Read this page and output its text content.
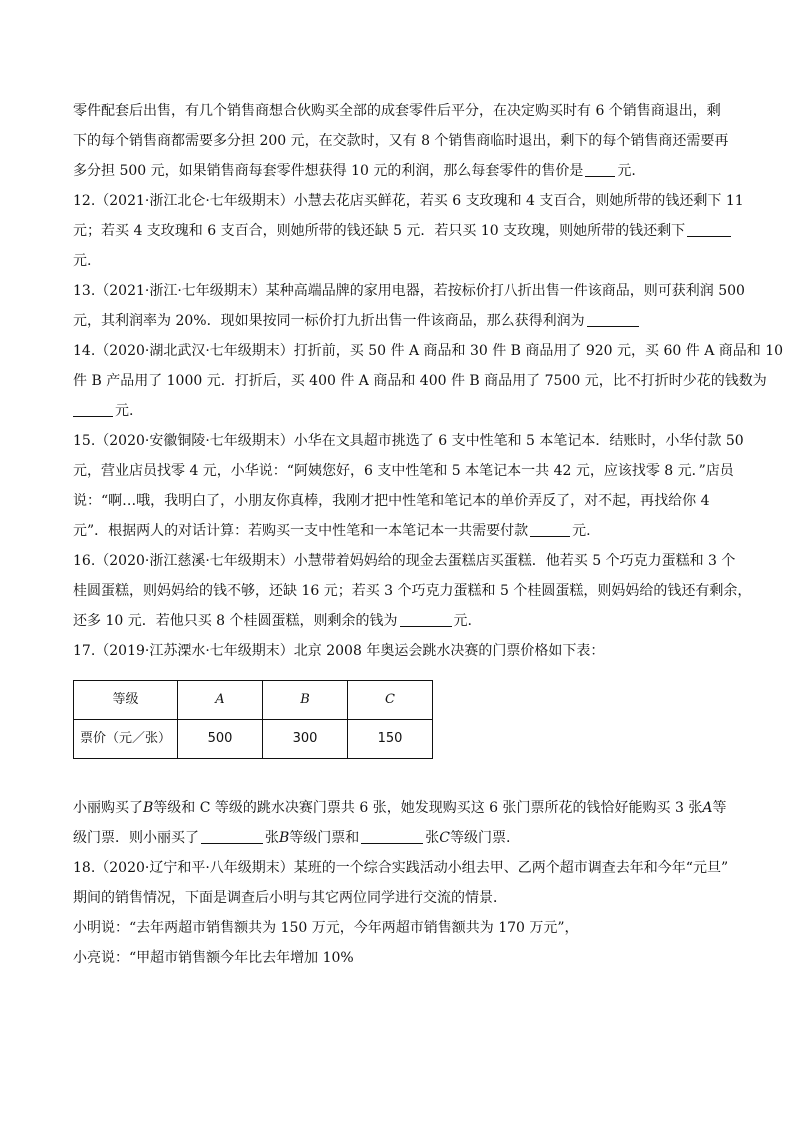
零件配套后出售，有几个销售商想合伙购买全部的成套零件后平分，在决定购买时有 6 个销售商退出，剩
下的每个销售商都需要多分担 200 元，在交款时，又有 8 个销售商临时退出，剩下的每个销售商还需要再
多分担 500 元，如果销售商每套零件想获得 10 元的利润，那么每套零件的售价是 元.
12.（2021·浙江北仑·七年级期末）小慧去花店买鲜花，若买 6 支玫瑰和 4 支百合，则她所带的钱还剩下 11
元；若买 4 支玫瑰和 6 支百合，则她所带的钱还缺 5 元．若只买 10 支玫瑰，则她所带的钱还剩下
元.
13.（2021·浙江·七年级期末）某种高端品牌的家用电器，若按标价打八折出售一件该商品，则可获利润 500
元，其利润率为 20%．现如果按同一标价打九折出售一件该商品，那么获得利润为
14.（2020·湖北武汉·七年级期末）打折前，买 50 件 A 商品和 30 件 B 商品用了 920 元，买 60 件 A 商品和 10
件 B 产品用了 1000 元．打折后，买 400 件 A 商品和 400 件 B 商品用了 7500 元，比不打折时少花的钱数为
元.
15.（2020·安徽铜陵·七年级期末）小华在文具超市挑选了 6 支中性笔和 5 本笔记本．结账时，小华付款 50
元，营业店员找零 4 元，小华说：“阿姨您好，6 支中性笔和 5 本笔记本一共 42 元，应该找零 8 元．”店员
说：“啊…哦，我明白了，小朋友你真棒，我刚才把中性笔和笔记本的单价弄反了，对不起，再找给你 4
元”．根据两人的对话计算：若购买一支中性笔和一本笔记本一共需要付款	元.
16.（2020·浙江慈溪·七年级期末）小慧带着妈妈给的现金去蛋糕店买蛋糕．他若买 5 个巧克力蛋糕和 3 个
桂圆蛋糕，则妈妈给的钱不够，还缺 16 元；若买 3 个巧克力蛋糕和 5 个桂圆蛋糕，则妈妈给的钱还有剩余，
还多 10 元．若他只买 8 个桂圆蛋糕，则剩余的钱为	元.
17.（2019·江苏溧水·七年级期末）北京 2008 年奥运会跳水决赛的门票价格如下表：
等级	A	B	C
票价（元／张）	500	300	150
小丽购买了B等级和 C 等级的跳水决赛门票共 6 张，她发现购买这 6 张门票所花的钱恰好能购买 3 张A等
级门票．则小丽买了	张B等级门票和	张C等级门票.
18.（2020·辽宁和平·八年级期末）某班的一个综合实践活动小组去甲、乙两个超市调查去年和今年“元旦”
期间的销售情况，下面是调查后小明与其它两位同学进行交流的情景．
小明说：“去年两超市销售额共为 150 万元，今年两超市销售额共为 170 万元”，
小亮说：“甲超市销售额今年比去年增加 10%
